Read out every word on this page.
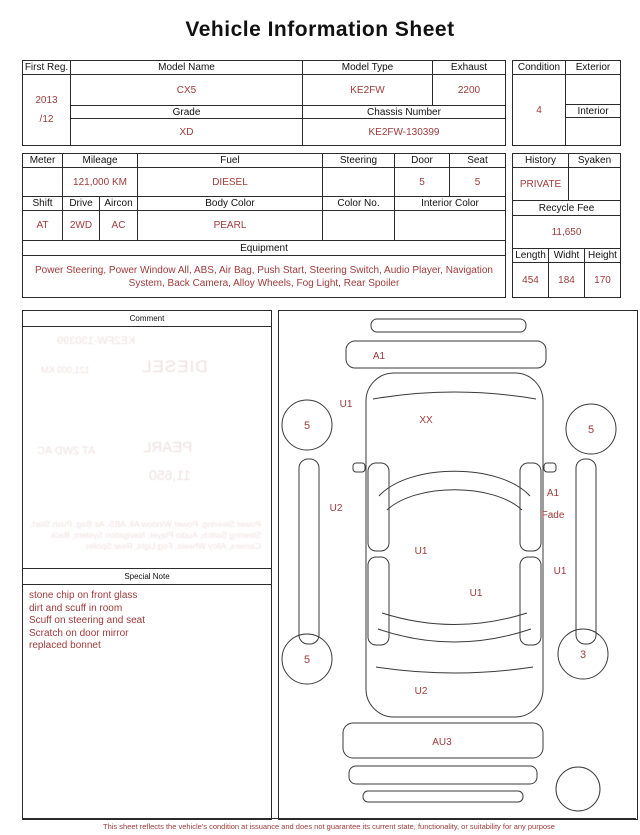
Vehicle Information Sheet
First Reg.	Model Name	Model Type	Exhaust

2013
/12	CX5	KE2FW	2200
	Grade	Chassis Number	
	XD	KE2FW-130399	
Condition	Exterior
4	
	Interior

Meter	Mileage		Fuel	Steering	Door	Seat
	121,000 KM		DIESEL		5	5
Shift	Drive	Aircon	Body Color	Color No.	Interior Color	
AT	2WD	AC	PEARL			
Equipment						
Power Steering, Power Window All, ABS, Air Bag, Push Start, Steering Switch, Audio Player, Navigation System, Back Camera, Alloy Wheels, Fog Light, Rear Spoiler						
History		Syaken	
PRIVATE			
Recycle Fee			
11,650			
Length	Widht		Height
454	184		170
Comment
KE2FW-130399
DIESEL
121,000 KM
AT 2WD AC	PEARL
11,650
Power Steering, Power Window All, ABS, Air Bag, Push Start, Steering Switch, Audio Player, Navigation System, Back Camera, Alloy Wheels, Fog Light, Rear Spoiler
Special Note
stone chip on front glass
dirt and scuff in room
Scuff on steering and seat
Scratch on door mirror
replaced bonnet
A1
XX
U1
U1
U2
U1
U2
A1
Fade
U1
5	5
5	3
AU3
This sheet reflects the vehicle's condition at issuance and does not guarantee its current state, functionality, or suitability for any purpose
